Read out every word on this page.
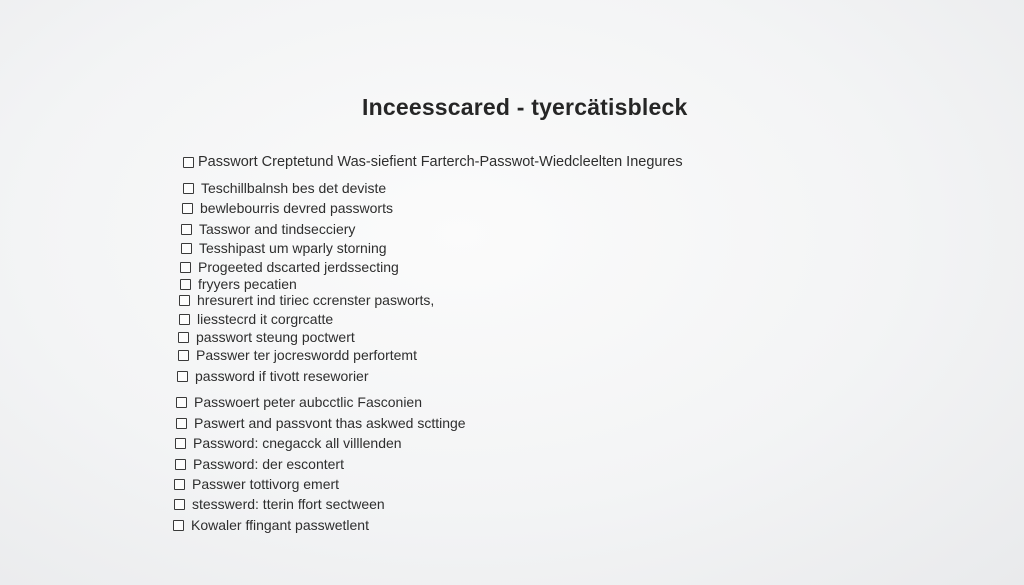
Inceesscared - tyercätisbleck
Passwort Creptetund Was-siefient Farterch-Passwot-Wiedcleelten Inegures
Teschillbalnsh bes det deviste
bewlebourris devred passworts
Tasswor and tindsecciery
Tesshipast um wparly storning
Progeeted dscarted jerdssecting
fryyers pecatien
hresurert ind tiriec ccrenster pasworts,
liesstecrd it corgrcatte
passwort steung poctwert
Passwer ter jocreswordd perfortemt
password if tivott reseworier
Passwoert peter aubcctlic Fasconien
Paswert and passvont thas askwed scttinge
Password: cnegacck all villlenden
Password: der escontert
Passwer tottivorg emert
stesswerd: tterin ffort sectween
Kowaler ffingant passwetlent
